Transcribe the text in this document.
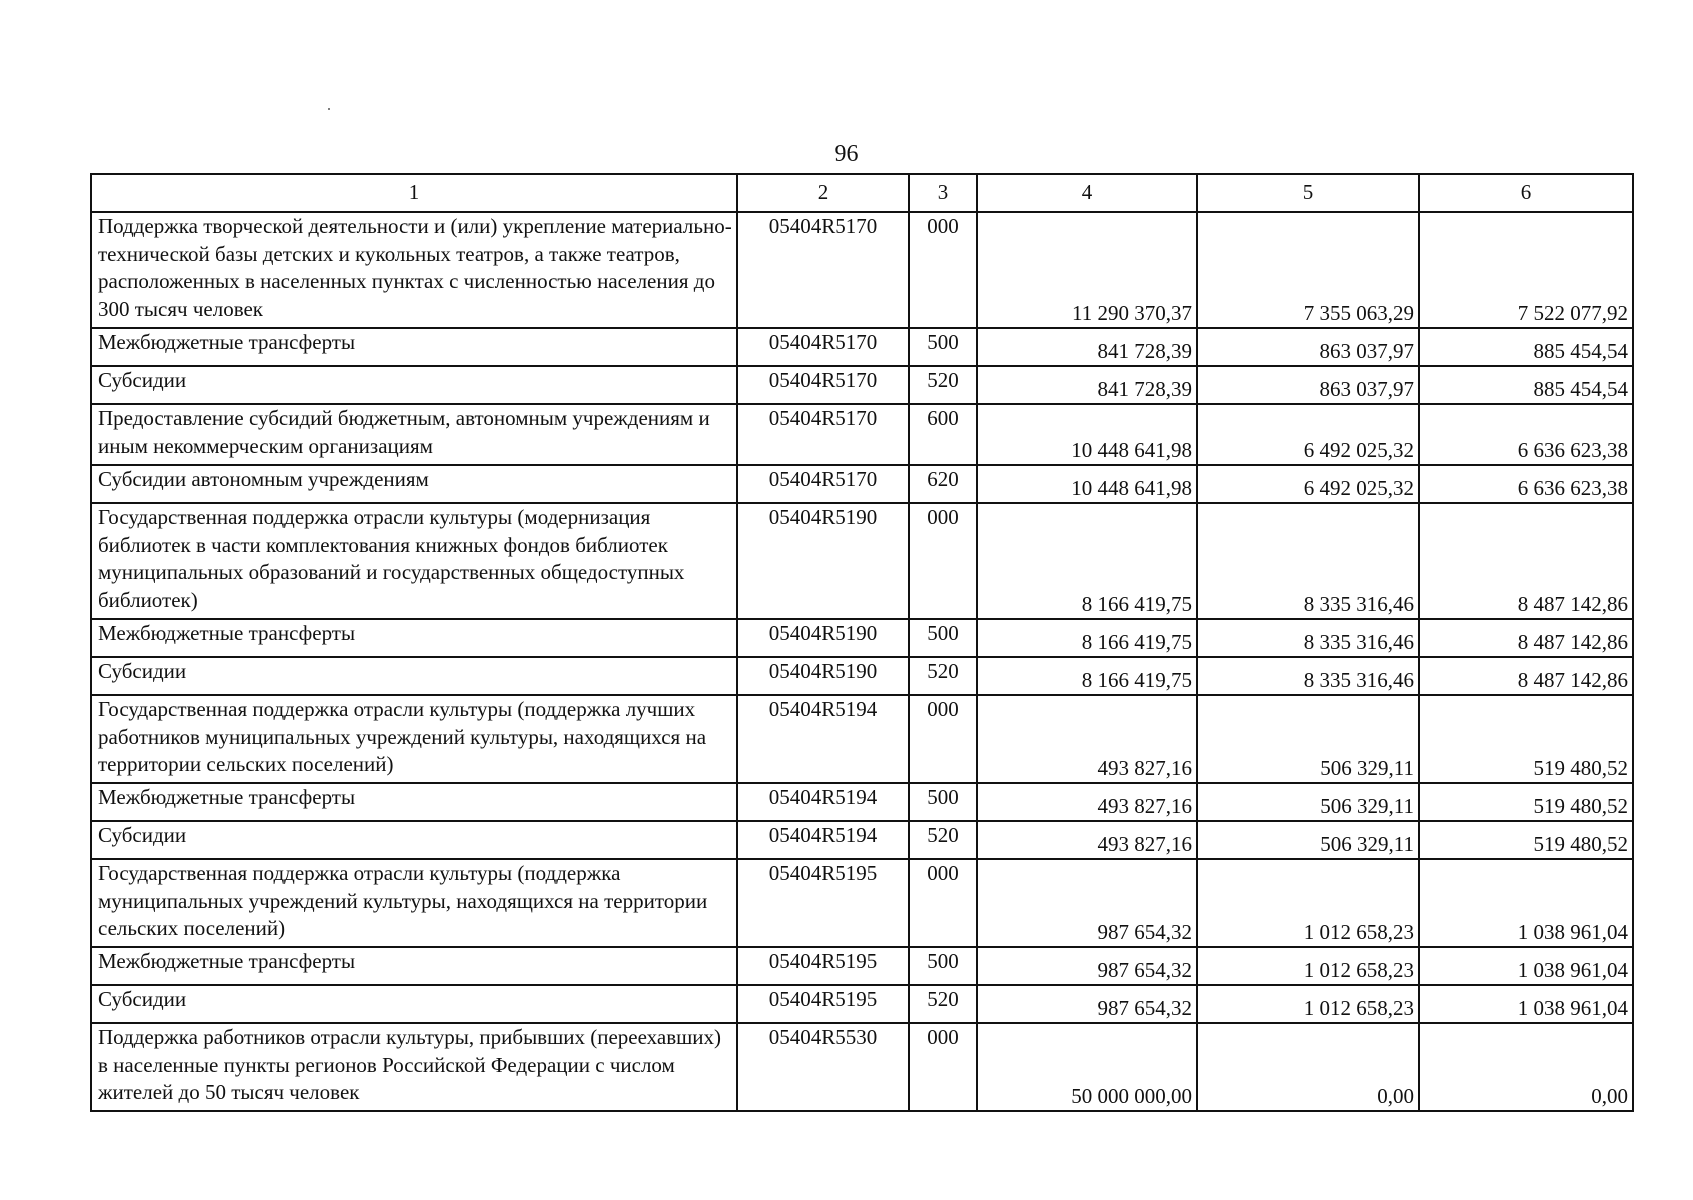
96
1	2	3	4	5	6
Поддержка творческой деятельности и (или) укрепление материально-технической базы детских и кукольных театров, а также театров, расположенных в населенных пунктах с численностью населения до 300 тысяч человек	05404R5170	000	11 290 370,37	7 355 063,29	7 522 077,92
Межбюджетные трансферты	05404R5170	500	841 728,39	863 037,97	885 454,54
Субсидии	05404R5170	520	841 728,39	863 037,97	885 454,54
Предоставление субсидий бюджетным, автономным учреждениям и иным некоммерческим организациям	05404R5170	600	10 448 641,98	6 492 025,32	6 636 623,38
Субсидии автономным учреждениям	05404R5170	620	10 448 641,98	6 492 025,32	6 636 623,38
Государственная поддержка отрасли культуры (модернизация библиотек в части комплектования книжных фондов библиотек муниципальных образований и государственных общедоступных библиотек)	05404R5190	000	8 166 419,75	8 335 316,46	8 487 142,86
Межбюджетные трансферты	05404R5190	500	8 166 419,75	8 335 316,46	8 487 142,86
Субсидии	05404R5190	520	8 166 419,75	8 335 316,46	8 487 142,86
Государственная поддержка отрасли культуры (поддержка лучших работников муниципальных учреждений культуры, находящихся на территории сельских поселений)	05404R5194	000	493 827,16	506 329,11	519 480,52
Межбюджетные трансферты	05404R5194	500	493 827,16	506 329,11	519 480,52
Субсидии	05404R5194	520	493 827,16	506 329,11	519 480,52
Государственная поддержка отрасли культуры (поддержка муниципальных учреждений культуры, находящихся на территории сельских поселений)	05404R5195	000	987 654,32	1 012 658,23	1 038 961,04
Межбюджетные трансферты	05404R5195	500	987 654,32	1 012 658,23	1 038 961,04
Субсидии	05404R5195	520	987 654,32	1 012 658,23	1 038 961,04
Поддержка работников отрасли культуры, прибывших (переехавших) в населенные пункты регионов Российской Федерации с числом жителей до 50 тысяч человек	05404R5530	000	50 000 000,00	0,00	0,00
